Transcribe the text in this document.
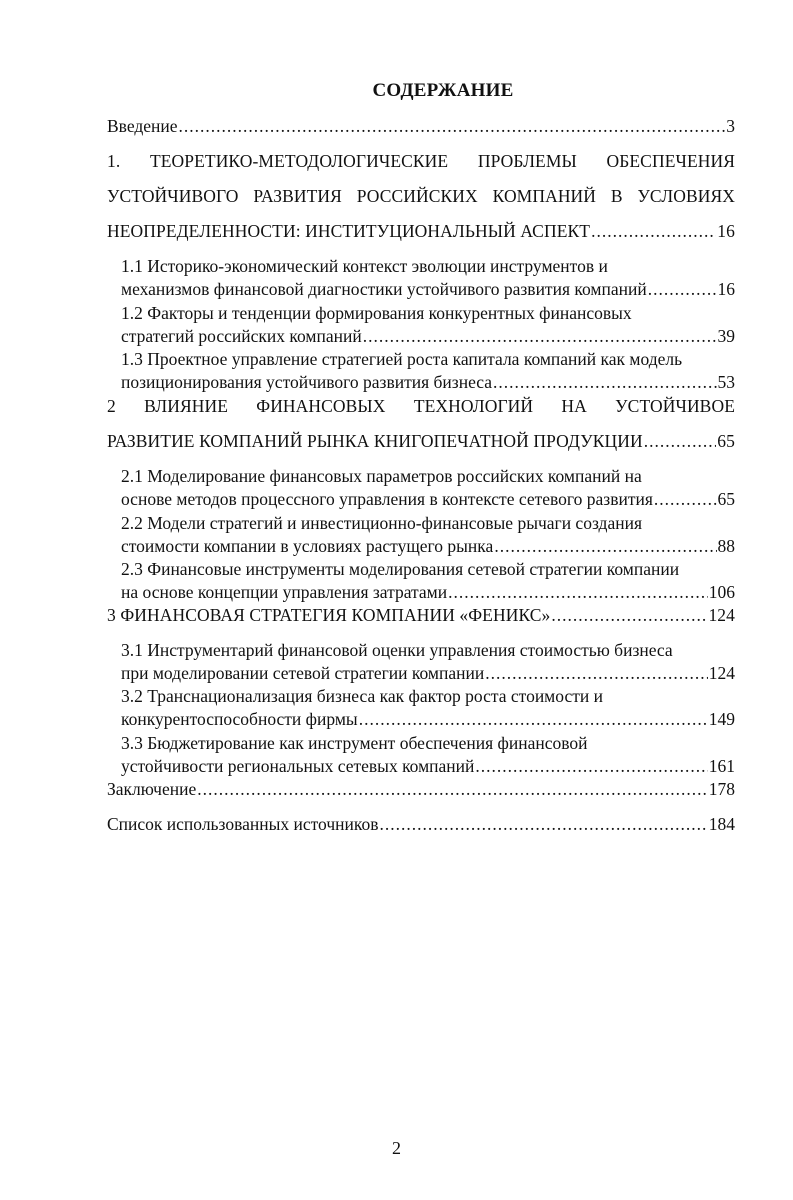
СОДЕРЖАНИЕ
Введение .....	3
1. ТЕОРЕТИКО-МЕТОДОЛОГИЧЕСКИЕ ПРОБЛЕМЫ ОБЕСПЕЧЕНИЯ
УСТОЙЧИВОГО РАЗВИТИЯ РОССИЙСКИХ КОМПАНИЙ В УСЛОВИЯХ
НЕОПРЕДЕЛЕННОСТИ: ИНСТИТУЦИОНАЛЬНЫЙ АСПЕКТ .....	16
1.1 Историко-экономический контекст эволюции инструментов и
механизмов финансовой диагностики устойчивого развития компаний .....	16
1.2 Факторы и тенденции формирования конкурентных финансовых
стратегий российских компаний .....	39
1.3 Проектное управление стратегией роста капитала компаний как модель
позиционирования устойчивого развития бизнеса .....	53
2 ВЛИЯНИЕ ФИНАНСОВЫХ ТЕХНОЛОГИЙ НА УСТОЙЧИВОЕ
РАЗВИТИЕ КОМПАНИЙ РЫНКА КНИГОПЕЧАТНОЙ ПРОДУКЦИИ .....	65
2.1 Моделирование финансовых параметров российских компаний на
основе методов процессного управления в контексте сетевого развития .....	65
2.2 Модели стратегий и инвестиционно-финансовые рычаги создания
стоимости компании в условиях растущего рынка .....	88
2.3 Финансовые инструменты моделирования сетевой стратегии компании
на основе концепции управления затратами .....	106
3 ФИНАНСОВАЯ СТРАТЕГИЯ КОМПАНИИ «ФЕНИКС» .....	124
3.1 Инструментарий финансовой оценки управления стоимостью бизнеса
при моделировании сетевой стратегии компании .....	124
3.2 Транснационализация бизнеса как фактор роста стоимости и
конкурентоспособности фирмы .....	149
3.3 Бюджетирование как инструмент обеспечения финансовой
устойчивости региональных сетевых компаний .....	161
Заключение .....	178
Список использованных источников .....	184
2
